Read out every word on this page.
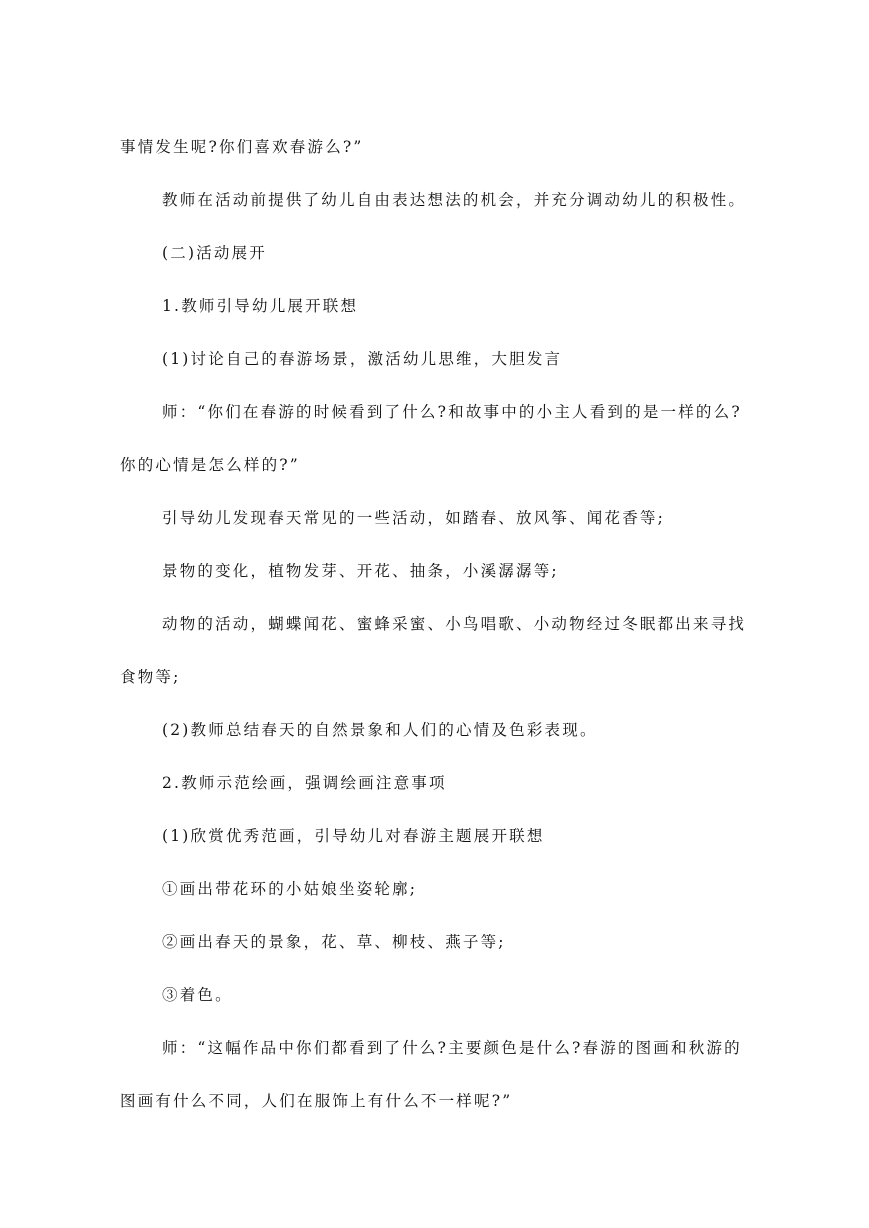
事情发生呢?你们喜欢春游么?”
教师在活动前提供了幼儿自由表达想法的机会，并充分调动幼儿的积极性。
(二)活动展开
1.教师引导幼儿展开联想
(1)讨论自己的春游场景，激活幼儿思维，大胆发言
师：“你们在春游的时候看到了什么?和故事中的小主人看到的是一样的么?
你的心情是怎么样的?”
引导幼儿发现春天常见的一些活动，如踏春、放风筝、闻花香等;
景物的变化，植物发芽、开花、抽条，小溪潺潺等;
动物的活动，蝴蝶闻花、蜜蜂采蜜、小鸟唱歌、小动物经过冬眠都出来寻找
食物等;
(2)教师总结春天的自然景象和人们的心情及色彩表现。
2.教师示范绘画，强调绘画注意事项
(1)欣赏优秀范画，引导幼儿对春游主题展开联想
①画出带花环的小姑娘坐姿轮廓;
②画出春天的景象，花、草、柳枝、燕子等;
③着色。
师：“这幅作品中你们都看到了什么?主要颜色是什么?春游的图画和秋游的
图画有什么不同，人们在服饰上有什么不一样呢?”
